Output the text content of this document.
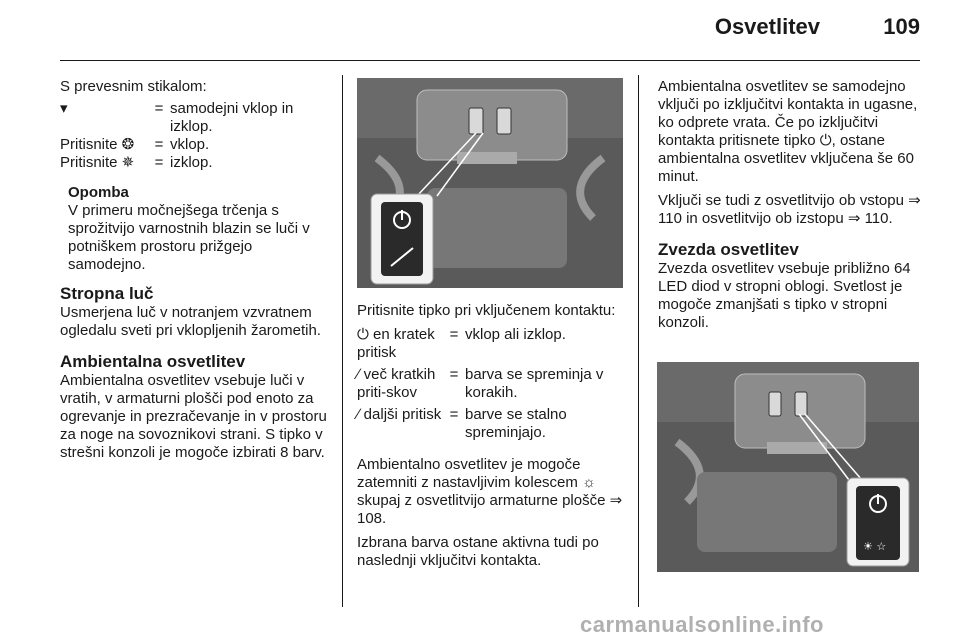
Osvetlitev	109

S prevesnim stikalom:

▾	= samodejni vklop in izklop.
Pritisnite ❂	= vklop.
Pritisnite ✵	= izklop.

Opomba

V primeru močnejšega trčenja s sprožitvijo varnostnih blazin se luči v potniškem prostoru prižgejo samodejno.

Stropna luč

Usmerjena luč v notranjem vzvratnem ogledalu sveti pri vklopljenih žarometih.

Ambientalna osvetlitev

Ambientalna osvetlitev vsebuje luči v vratih, v armaturni plošči pod enoto za ogrevanje in prezračevanje in v prostoru za noge na sovoznikovi strani. S tipko v strešni konzoli je mogoče izbirati 8 barv.

Pritisnite tipko pri vključenem kontaktu:

⏻ en kratek pritisk
= vklop ali izklop.
∕ več kratkih priti-skov
= barva se spreminja v korakih.
∕ daljši pritisk = barve se stalno spreminjajo.

Ambientalno osvetlitev je mogoče zatemniti z nastavljivim kolescem ☼ skupaj z osvetlitvijo armaturne plošče ⇒ 108.

Izbrana barva ostane aktivna tudi po naslednji vključitvi kontakta.

Ambientalna osvetlitev se samodejno vključi po izključitvi kontakta in ugasne, ko odprete vrata. Če po izključitvi kontakta pritisnete tipko ⏻, ostane ambientalna osvetlitev vključena še 60 minut.

Vključi se tudi z osvetlitvijo ob vstopu ⇒ 110 in osvetlitvijo ob izstopu ⇒ 110.

Zvezda osvetlitev

Zvezda osvetlitev vsebuje približno 64 LED diod v stropni oblogi. Svetlost je mogoče zmanjšati s tipko v stropni konzoli.

☀ ☆
carmanualsonline.info
